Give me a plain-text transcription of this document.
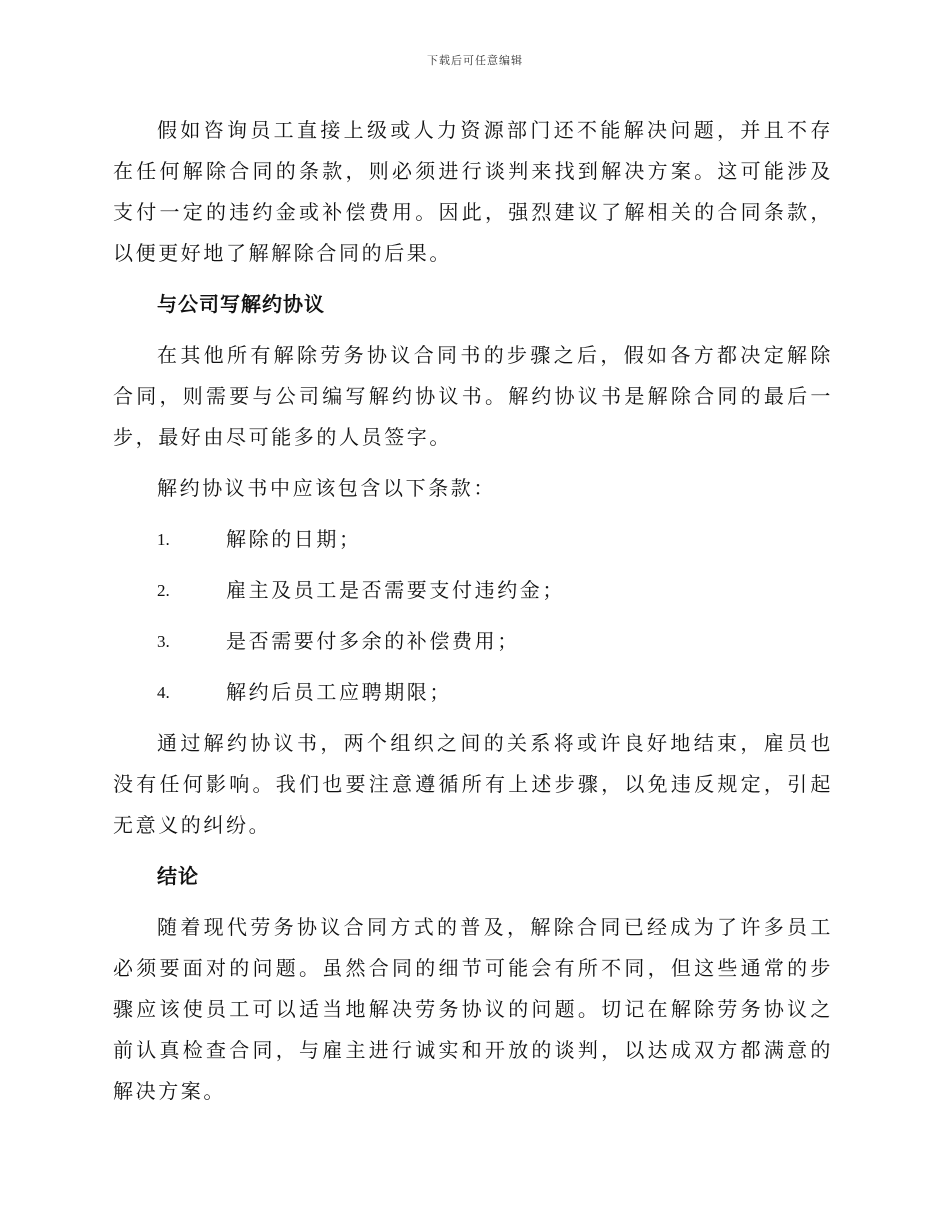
下载后可任意编辑

假如咨询员工直接上级或人力资源部门还不能解决问题，并且不存在任何解除合同的条款，则必须进行谈判来找到解决方案。这可能涉及支付一定的违约金或补偿费用。因此，强烈建议了解相关的合同条款，以便更好地了解解除合同的后果。

与公司写解约协议

在其他所有解除劳务协议合同书的步骤之后，假如各方都决定解除合同，则需要与公司编写解约协议书。解约协议书是解除合同的最后一步，最好由尽可能多的人员签字。

解约协议书中应该包含以下条款：

1.	解除的日期；
2.	雇主及员工是否需要支付违约金；
3.	是否需要付多余的补偿费用；
4.	解约后员工应聘期限；

通过解约协议书，两个组织之间的关系将或许良好地结束，雇员也没有任何影响。我们也要注意遵循所有上述步骤，以免违反规定，引起无意义的纠纷。

结论

随着现代劳务协议合同方式的普及，解除合同已经成为了许多员工必须要面对的问题。虽然合同的细节可能会有所不同，但这些通常的步骤应该使员工可以适当地解决劳务协议的问题。切记在解除劳务协议之前认真检查合同，与雇主进行诚实和开放的谈判，以达成双方都满意的解决方案。
